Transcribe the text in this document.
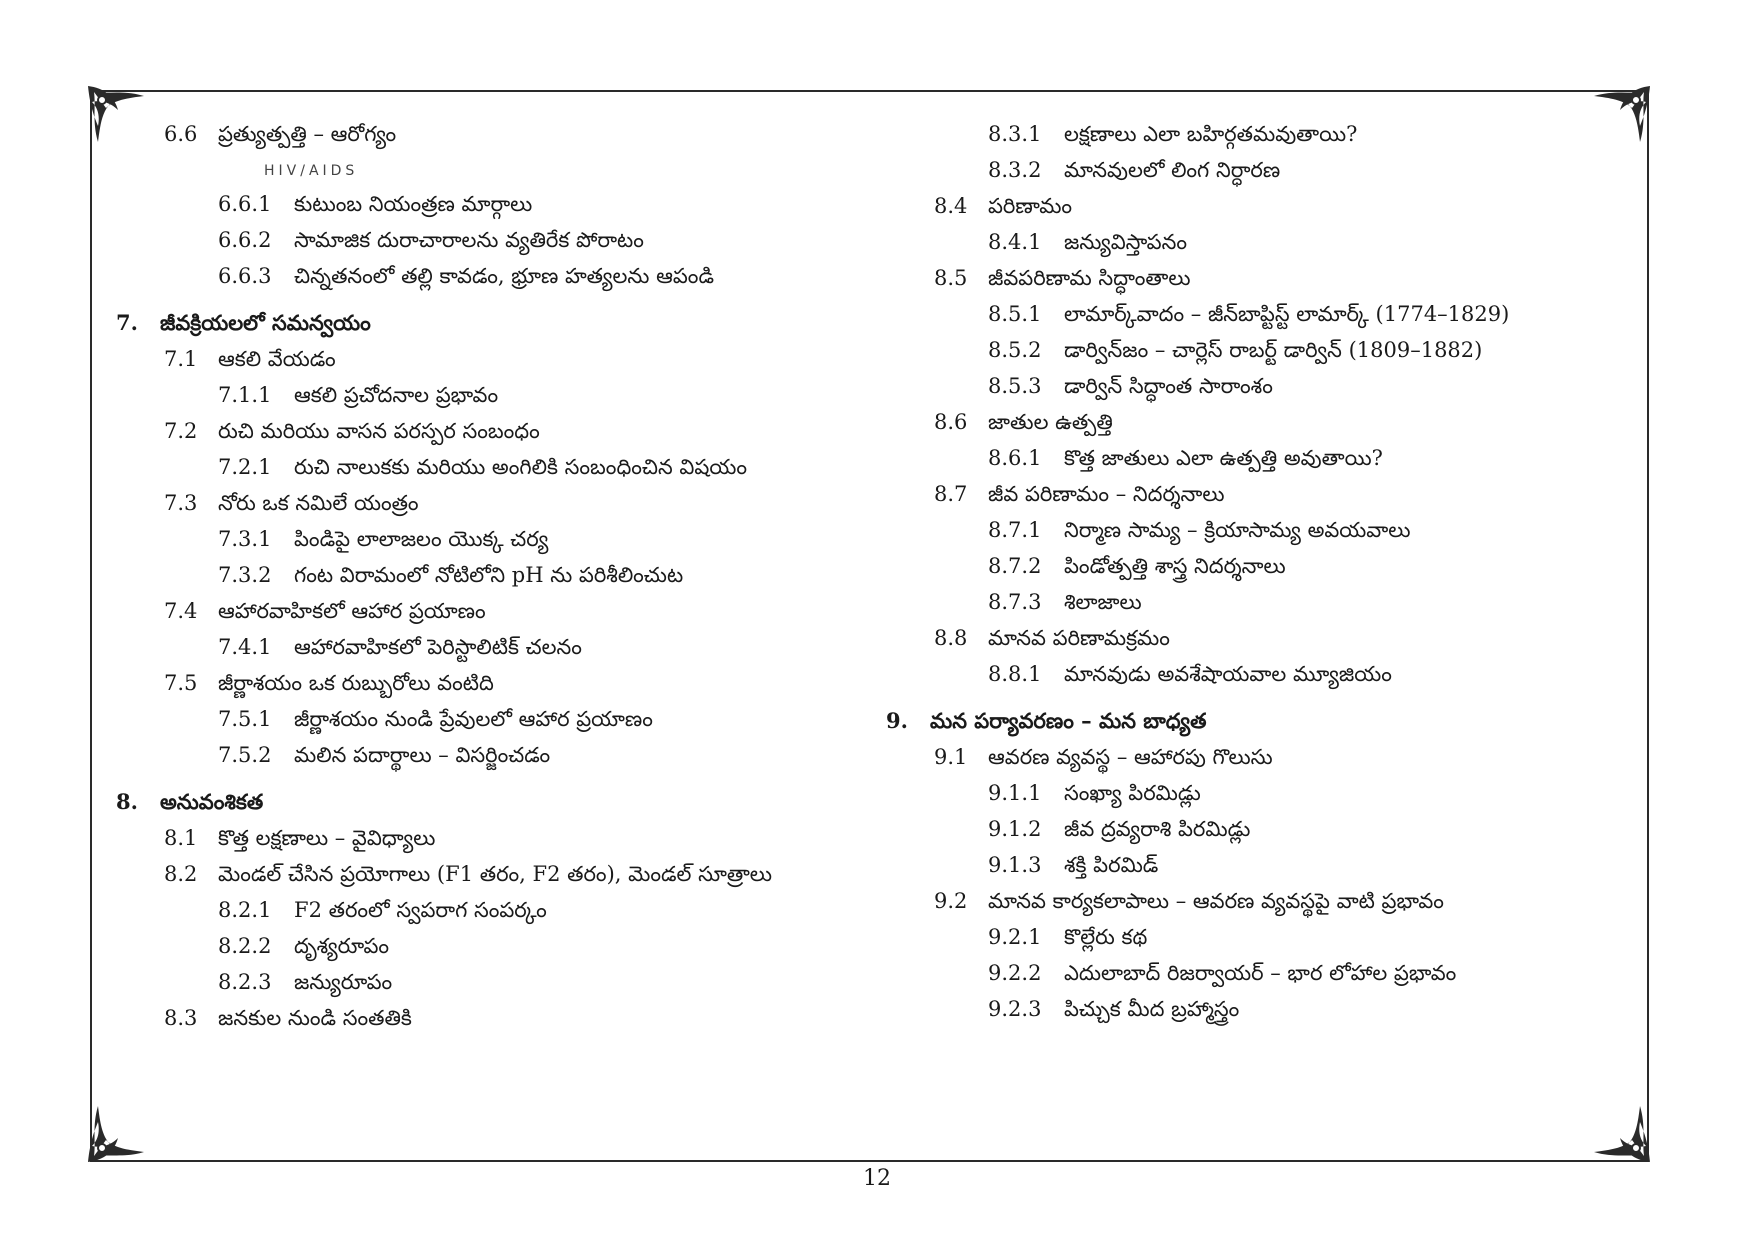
6.6 ప్రత్యుత్పత్తి – ఆరోగ్యం
HIV/AIDS
6.6.1 కుటుంబ నియంత్రణ మార్గాలు
6.6.2 సామాజిక దురాచారాలను వ్యతిరేక పోరాటం
6.6.3 చిన్నతనంలో తల్లి కావడం, భ్రూణ హత్యలను ఆపండి
7. జీవక్రియలలో సమన్వయం
7.1 ఆకలి వేయడం
7.1.1 ఆకలి ప్రచోదనాల ప్రభావం
7.2 రుచి మరియు వాసన పరస్పర సంబంధం
7.2.1 రుచి నాలుకకు మరియు అంగిలికి సంబంధించిన విషయం
7.3 నోరు ఒక నమిలే యంత్రం
7.3.1 పిండిపై లాలాజలం యొక్క చర్య
7.3.2 గంట విరామంలో నోటిలోని pH ను పరిశీలించుట
7.4 ఆహారవాహికలో ఆహార ప్రయాణం
7.4.1 ఆహారవాహికలో పెరిస్టాలిటిక్ చలనం
7.5 జీర్ణాశయం ఒక రుబ్బురోలు వంటిది
7.5.1 జీర్ణాశయం నుండి ప్రేవులలో ఆహార ప్రయాణం
7.5.2 మలిన పదార్థాలు – విసర్జించడం
8. అనువంశికత
8.1 కొత్త లక్షణాలు – వైవిధ్యాలు
8.2 మెండల్ చేసిన ప్రయోగాలు (F1 తరం, F2 తరం), మెండల్ సూత్రాలు
8.2.1 F2 తరంలో స్వపరాగ సంపర్కం
8.2.2 దృశ్యరూపం
8.2.3 జన్యురూపం
8.3 జనకుల నుండి సంతతికి
8.3.1 లక్షణాలు ఎలా బహిర్గతమవుతాయి?
8.3.2 మానవులలో లింగ నిర్ధారణ
8.4 పరిణామం
8.4.1 జన్యువిస్తాపనం
8.5 జీవపరిణామ సిద్ధాంతాలు
8.5.1 లామార్క్‌వాదం – జీన్‌బాప్టిస్ట్ లామార్క్ (1774–1829)
8.5.2 డార్విన్‌జం – చార్లెస్ రాబర్ట్ డార్విన్ (1809–1882)
8.5.3 డార్విన్ సిద్ధాంత సారాంశం
8.6 జాతుల ఉత్పత్తి
8.6.1 కొత్త జాతులు ఎలా ఉత్పత్తి అవుతాయి?
8.7 జీవ పరిణామం – నిదర్శనాలు
8.7.1 నిర్మాణ సామ్య – క్రియాసామ్య అవయవాలు
8.7.2 పిండోత్పత్తి శాస్త్ర నిదర్శనాలు
8.7.3 శిలాజాలు
8.8 మానవ పరిణామక్రమం
8.8.1 మానవుడు అవశేషాయవాల మ్యూజియం
9. మన పర్యావరణం – మన బాధ్యత
9.1 ఆవరణ వ్యవస్థ – ఆహారపు గొలుసు
9.1.1 సంఖ్యా పిరమిడ్లు
9.1.2 జీవ ద్రవ్యరాశి పిరమిడ్లు
9.1.3 శక్తి పిరమిడ్
9.2 మానవ కార్యకలాపాలు – ఆవరణ వ్యవస్థపై వాటి ప్రభావం
9.2.1 కొల్లేరు కథ
9.2.2 ఎదులాబాద్ రిజర్వాయర్ – భార లోహాల ప్రభావం
9.2.3 పిచ్చుక మీద బ్రహ్మాస్త్రం
12
